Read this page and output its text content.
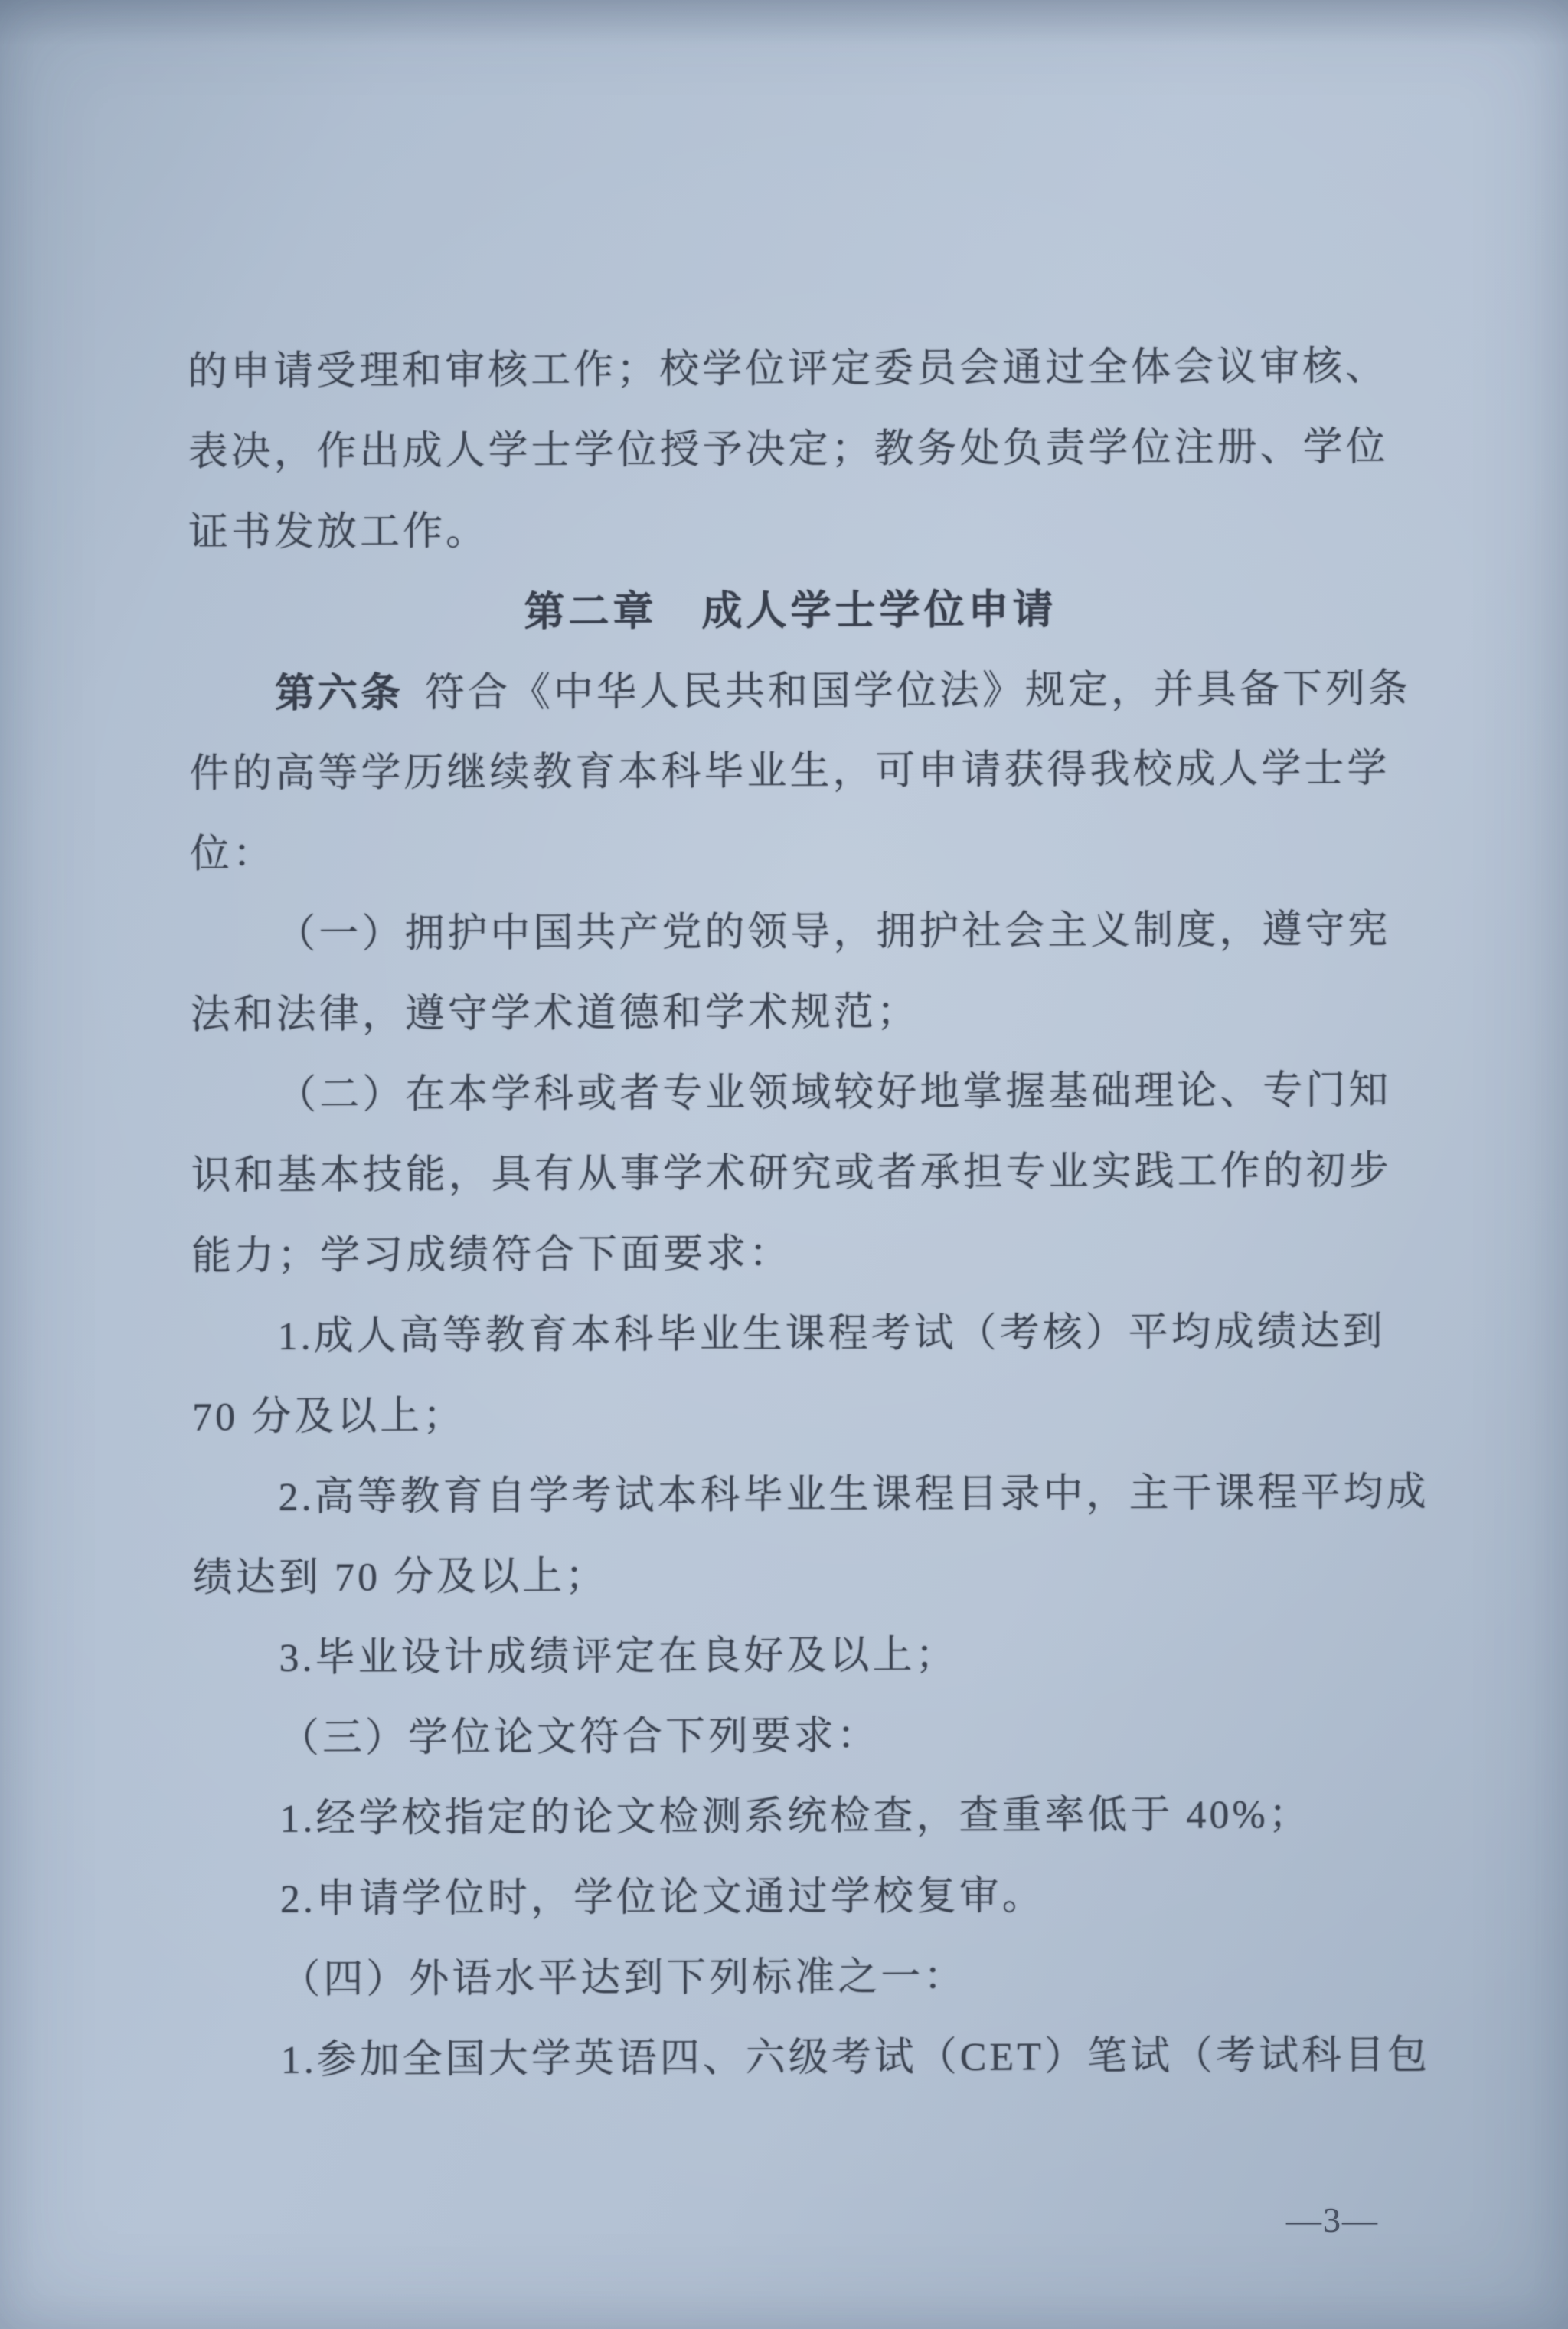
的申请受理和审核工作；校学位评定委员会通过全体会议审核、
表决，作出成人学士学位授予决定；教务处负责学位注册、学位
证书发放工作。
第二章　成人学士学位申请
第六条 符合《中华人民共和国学位法》规定，并具备下列条
件的高等学历继续教育本科毕业生，可申请获得我校成人学士学
位：
（一）拥护中国共产党的领导，拥护社会主义制度，遵守宪
法和法律，遵守学术道德和学术规范；
（二）在本学科或者专业领域较好地掌握基础理论、专门知
识和基本技能，具有从事学术研究或者承担专业实践工作的初步
能力；学习成绩符合下面要求：
1.成人高等教育本科毕业生课程考试（考核）平均成绩达到
70 分及以上；
2.高等教育自学考试本科毕业生课程目录中，主干课程平均成
绩达到 70 分及以上；
3.毕业设计成绩评定在良好及以上；
（三）学位论文符合下列要求：
1.经学校指定的论文检测系统检查，查重率低于 40%；
2.申请学位时，学位论文通过学校复审。
（四）外语水平达到下列标准之一：
1.参加全国大学英语四、六级考试（CET）笔试（考试科目包
—3—
